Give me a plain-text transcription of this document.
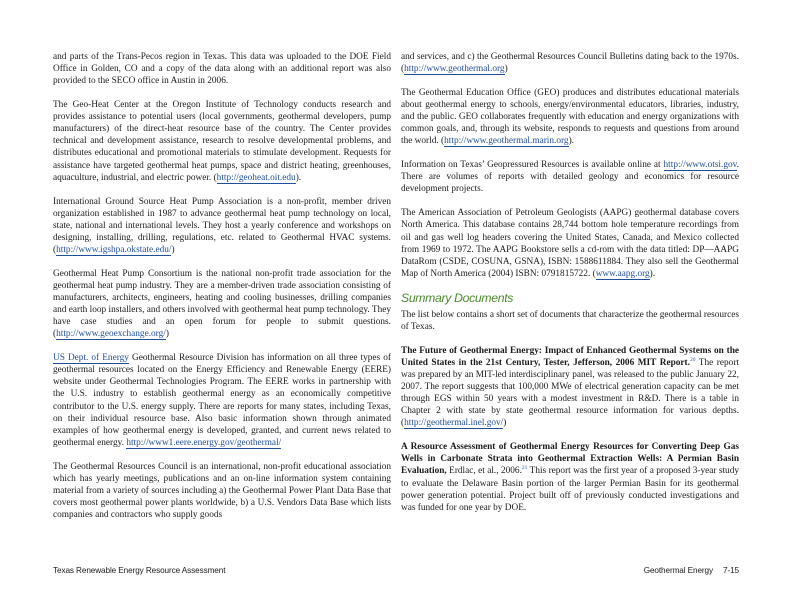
and parts of the Trans-Pecos region in Texas. This data was uploaded to the DOE Field Office in Golden, CO and a copy of the data along with an additional report was also provided to the SECO office in Austin in 2006.

The Geo-Heat Center at the Oregon Institute of Technology conducts research and provides assistance to potential users (local governments, geothermal developers, pump manufacturers) of the direct-heat resource base of the country. The Center provides technical and development assistance, research to resolve developmental problems, and distributes educational and promotional materials to stimulate development. Requests for assistance have targeted geothermal heat pumps, space and district heating, greenhouses, aquaculture, industrial, and electric power. (http://geoheat.oit.edu).

International Ground Source Heat Pump Association is a non-profit, member driven organization established in 1987 to advance geothermal heat pump technology on local, state, national and international levels. They host a yearly conference and workshops on designing, installing, drilling, regulations, etc. related to Geothermal HVAC systems. (http://www.igshpa.okstate.edu/)

Geothermal Heat Pump Consortium is the national non-profit trade association for the geothermal heat pump industry. They are a member-driven trade association consisting of manufacturers, architects, engineers, heating and cooling businesses, drilling companies and earth loop installers, and others involved with geothermal heat pump technology. They have case studies and an open forum for people to submit questions. (http://www.geoexchange.org/)

US Dept. of Energy Geothermal Resource Division has information on all three types of geothermal resources located on the Energy Efficiency and Renewable Energy (EERE) website under Geothermal Technologies Program. The EERE works in partnership with the U.S. industry to establish geothermal energy as an economically competitive contributor to the U.S. energy supply. There are reports for many states, including Texas, on their individual resource base. Also basic information shown through animated examples of how geothermal energy is developed, granted, and current news related to geothermal energy. http://www1.eere.energy.gov/geothermal/

The Geothermal Resources Council is an international, non-profit educational association which has yearly meetings, publications and an on-line information system containing material from a variety of sources including a) the Geothermal Power Plant Data Base that covers most geothermal power plants worldwide, b) a U.S. Vendors Data Base which lists companies and contractors who supply goods

and services, and c) the Geothermal Resources Council Bulletins dating back to the 1970s. (http://www.geothermal.org)

The Geothermal Education Office (GEO) produces and distributes educational materials about geothermal energy to schools, energy/environmental educators, libraries, industry, and the public. GEO collaborates frequently with education and energy organizations with common goals, and, through its website, responds to requests and questions from around the world. (http://www.geothermal.marin.org).

Information on Texas’ Geopressured Resources is available online at http://www.otsi.gov. There are volumes of reports with detailed geology and economics for resource development projects.

The American Association of Petroleum Geologists (AAPG) geothermal database covers North America. This database contains 28,744 bottom hole temperature recordings from oil and gas well log headers covering the United States, Canada, and Mexico collected from 1969 to 1972. The AAPG Bookstore sells a cd-rom with the data titled: DP—AAPG DataRom (CSDE, COSUNA, GSNA), ISBN: 1588611884. They also sell the Geothermal Map of North America (2004) ISBN: 0791815722. (www.aapg.org).

Summary Documents

The list below contains a short set of documents that characterize the geothermal resources of Texas.

The Future of Geothermal Energy: Impact of Enhanced Geothermal Systems on the United States in the 21st Century, Tester, Jefferson, 2006 MIT Report.$^{20}$ The report was prepared by an MIT-led interdisciplinary panel, was released to the public January 22, 2007. The report suggests that 100,000 MWe of electrical generation capacity can be met through EGS within 50 years with a modest investment in R&D. There is a table in Chapter 2 with state by state geothermal resource information for various depths. (http://geothermal.inel.gov/)

A Resource Assessment of Geothermal Energy Resources for Converting Deep Gas Wells in Carbonate Strata into Geothermal Extraction Wells: A Permian Basin Evaluation, Erdlac, et al., 2006.21 This report was the first year of a proposed 3-year study to evaluate the Delaware Basin portion of the larger Permian Basin for its geothermal power generation potential. Project built off of previously conducted investigations and was funded for one year by DOE.

Texas Renewable Energy Resource Assessment	Geothermal Energy 7-15
